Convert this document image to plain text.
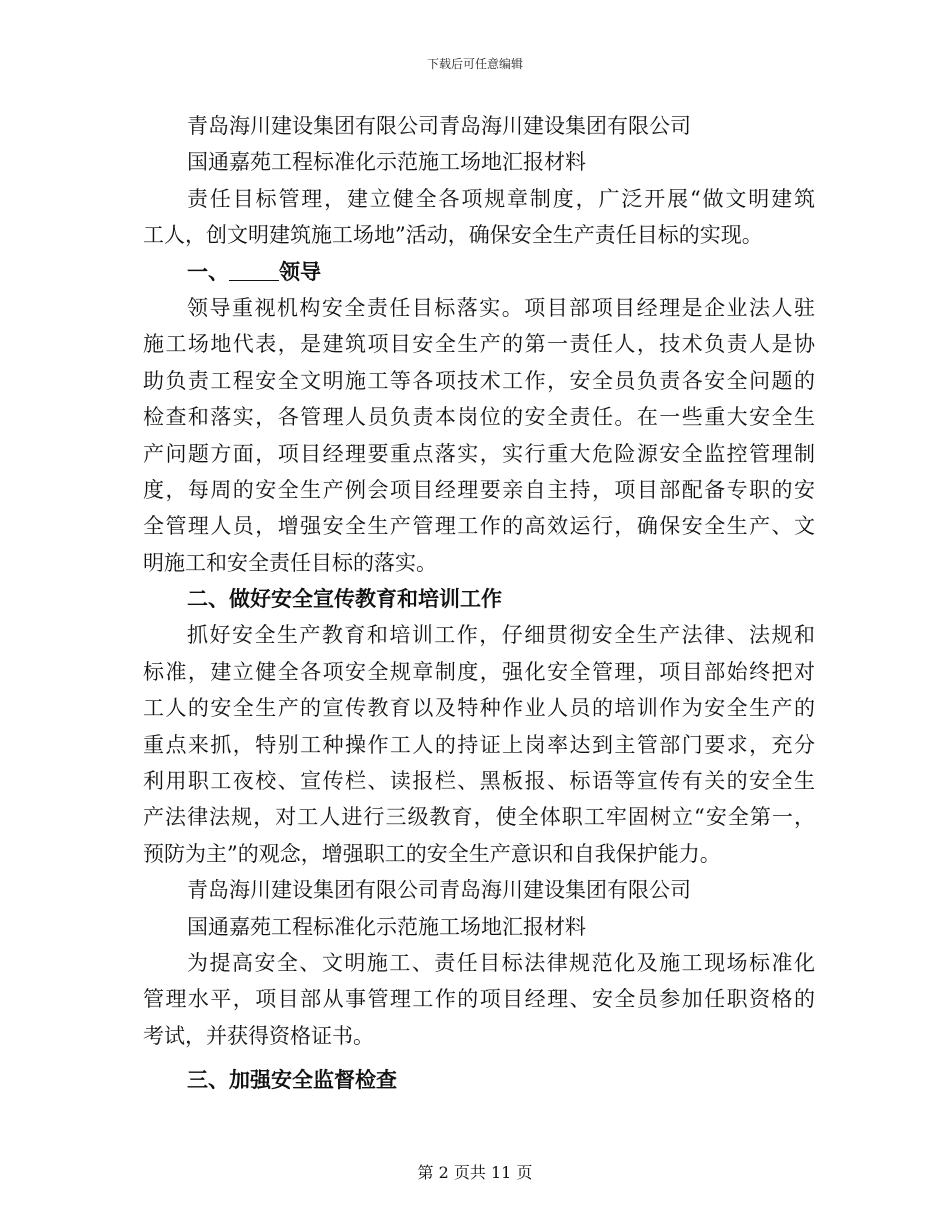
下载后可任意编辑
青岛海川建设集团有限公司青岛海川建设集团有限公司
国通嘉苑工程标准化示范施工场地汇报材料
责任目标管理，建立健全各项规章制度，广泛开展“做文明建筑
工人，创文明建筑施工场地”活动，确保安全生产责任目标的实现。
一、 领导
领导重视机构安全责任目标落实。项目部项目经理是企业法人驻
施工场地代表，是建筑项目安全生产的第一责任人，技术负责人是协
助负责工程安全文明施工等各项技术工作，安全员负责各安全问题的
检查和落实，各管理人员负责本岗位的安全责任。在一些重大安全生
产问题方面，项目经理要重点落实，实行重大危险源安全监控管理制
度，每周的安全生产例会项目经理要亲自主持，项目部配备专职的安
全管理人员，增强安全生产管理工作的高效运行，确保安全生产、文
明施工和安全责任目标的落实。
二、做好安全宣传教育和培训工作
抓好安全生产教育和培训工作，仔细贯彻安全生产法律、法规和
标准，建立健全各项安全规章制度，强化安全管理，项目部始终把对
工人的安全生产的宣传教育以及特种作业人员的培训作为安全生产的
重点来抓，特别工种操作工人的持证上岗率达到主管部门要求，充分
利用职工夜校、宣传栏、读报栏、黑板报、标语等宣传有关的安全生
产法律法规，对工人进行三级教育，使全体职工牢固树立“安全第一，
预防为主”的观念，增强职工的安全生产意识和自我保护能力。
青岛海川建设集团有限公司青岛海川建设集团有限公司
国通嘉苑工程标准化示范施工场地汇报材料
为提高安全、文明施工、责任目标法律规范化及施工现场标准化
管理水平，项目部从事管理工作的项目经理、安全员参加任职资格的
考试，并获得资格证书。
三、加强安全监督检查
第 2 页共 11 页
